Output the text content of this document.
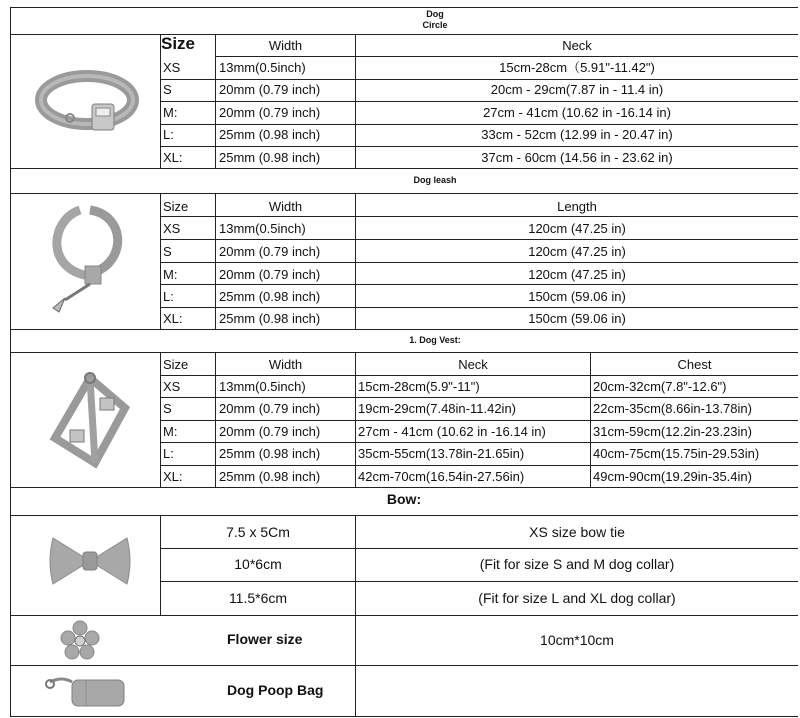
Dog
Circle
Size	Width	Neck
XS	13mm(0.5inch)	15cm-28cm（5.91"-11.42")
S	20mm (0.79 inch)	20cm - 29cm(7.87 in - 11.4 in)
M:	20mm (0.79 inch)	27cm - 41cm (10.62 in -16.14 in)
L:	25mm (0.98 inch)	33cm - 52cm (12.99 in - 20.47 in)
XL:	25mm (0.98 inch)	37cm - 60cm (14.56 in - 23.62 in)
Dog leash
Size	Width	Length
XS	13mm(0.5inch)	120cm (47.25 in)
S	20mm (0.79 inch)	120cm (47.25 in)
M:	20mm (0.79 inch)	120cm (47.25 in)
L:	25mm (0.98 inch)	150cm (59.06 in)
XL:	25mm (0.98 inch)	150cm (59.06 in)
1. Dog Vest:
Size	Width	Neck	Chest
XS	13mm(0.5inch)	15cm-28cm(5.9"-11")	20cm-32cm(7.8"-12.6")
S	20mm (0.79 inch)	19cm-29cm(7.48in-11.42in)	22cm-35cm(8.66in-13.78in)
M:	20mm (0.79 inch)	27cm - 41cm (10.62 in -16.14 in)	31cm-59cm(12.2in-23.23in)
L:	25mm (0.98 inch)	35cm-55cm(13.78in-21.65in)	40cm-75cm(15.75in-29.53in)
XL:	25mm (0.98 inch)	42cm-70cm(16.54in-27.56in)	49cm-90cm(19.29in-35.4in)
Bow:
7.5 x 5Cm	XS size bow tie
10*6cm	(Fit for size S and M dog collar)
11.5*6cm	(Fit for size L and XL dog collar)
Flower size	10cm*10cm
Dog Poop Bag
